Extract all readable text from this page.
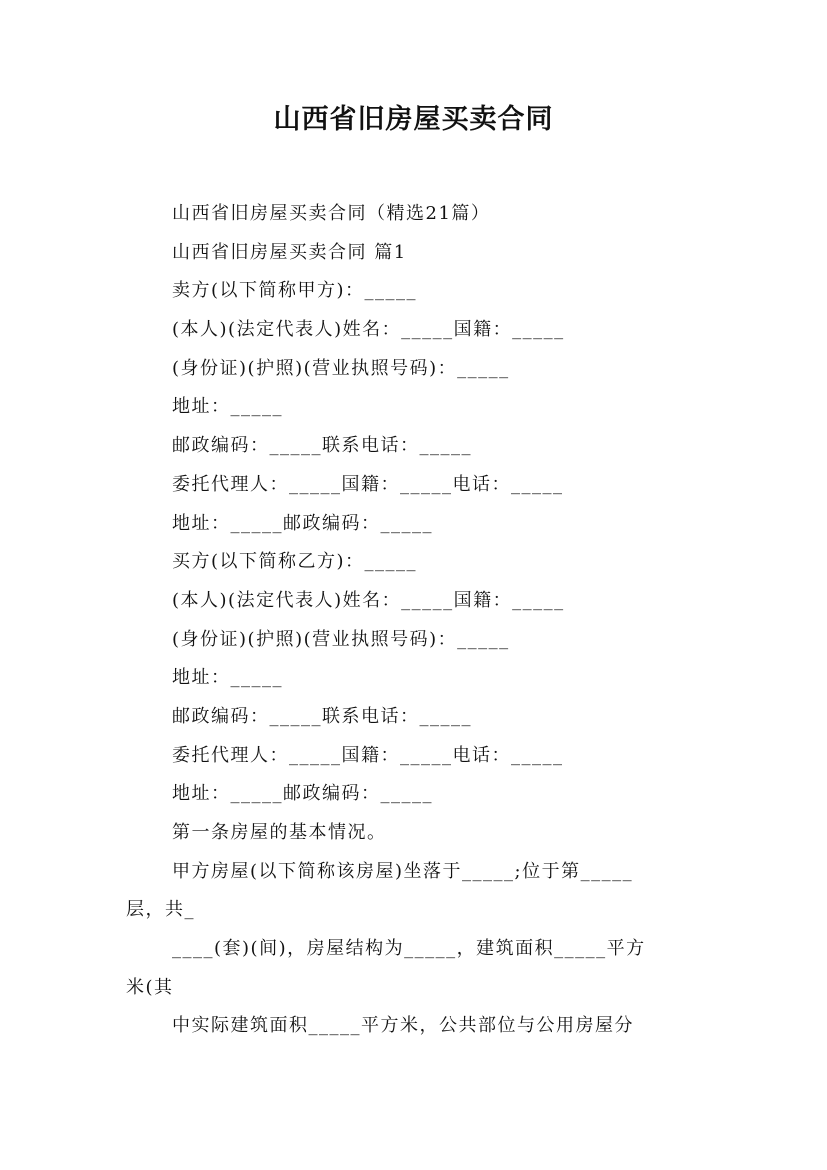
山西省旧房屋买卖合同
山西省旧房屋买卖合同（精选21篇）
山西省旧房屋买卖合同 篇1
卖方(以下简称甲方)：_____
(本人)(法定代表人)姓名：_____国籍：_____
(身份证)(护照)(营业执照号码)：_____
地址：_____
邮政编码：_____联系电话：_____
委托代理人：_____国籍：_____电话：_____
地址：_____邮政编码：_____
买方(以下简称乙方)：_____
(本人)(法定代表人)姓名：_____国籍：_____
(身份证)(护照)(营业执照号码)：_____
地址：_____
邮政编码：_____联系电话：_____
委托代理人：_____国籍：_____电话：_____
地址：_____邮政编码：_____
第一条房屋的基本情况。
甲方房屋(以下简称该房屋)坐落于_____;位于第_____
层，共_
____(套)(间)，房屋结构为_____，建筑面积_____平方
米(其
中实际建筑面积_____平方米，公共部位与公用房屋分
